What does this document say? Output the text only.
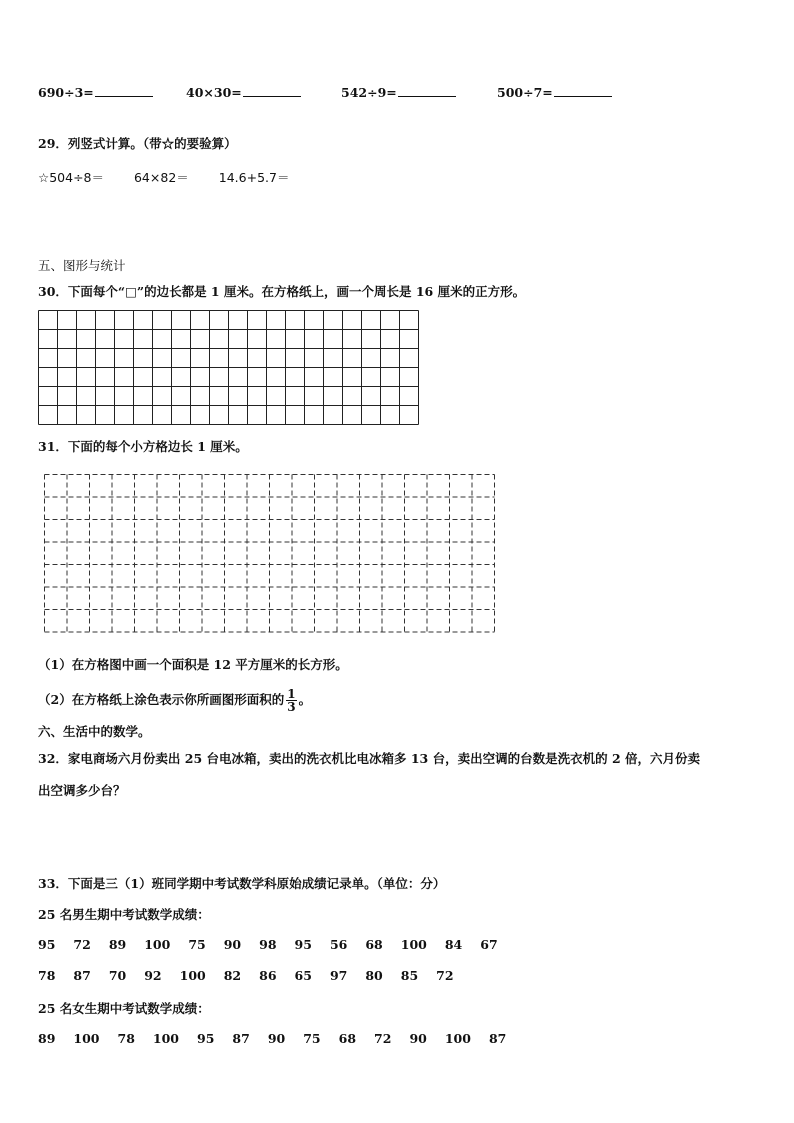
690÷3=	40×30=	542÷9=	500÷7=
29．列竖式计算。（带☆的要验算）
☆504÷8＝ 64×82＝ 14.6+5.7＝
五、图形与统计
30．下面每个“□”的边长都是 1 厘米。在方格纸上，画一个周长是 16 厘米的正方形。
31．下面的每个小方格边长 1 厘米。
（1）在方格图中画一个面积是 12 平方厘米的长方形。
（2）在方格纸上涂色表示你所画图形面积的 $\frac{1}{3}$ 。
六、生活中的数学。
32．家电商场六月份卖出 25 台电冰箱，卖出的洗衣机比电冰箱多 13 台，卖出空调的台数是洗衣机的 2 倍，六月份卖
出空调多少台？
33．下面是三（1）班同学期中考试数学科原始成绩记录单。（单位：分）
25 名男生期中考试数学成绩：
95 72 89 100 75 90 98 95 56 68 100 84 67
78 87 70 92 100 82 86 65 97 80 85 72
25 名女生期中考试数学成绩：
89 100 78 100 95 87 90 75 68 72 90 100 87
